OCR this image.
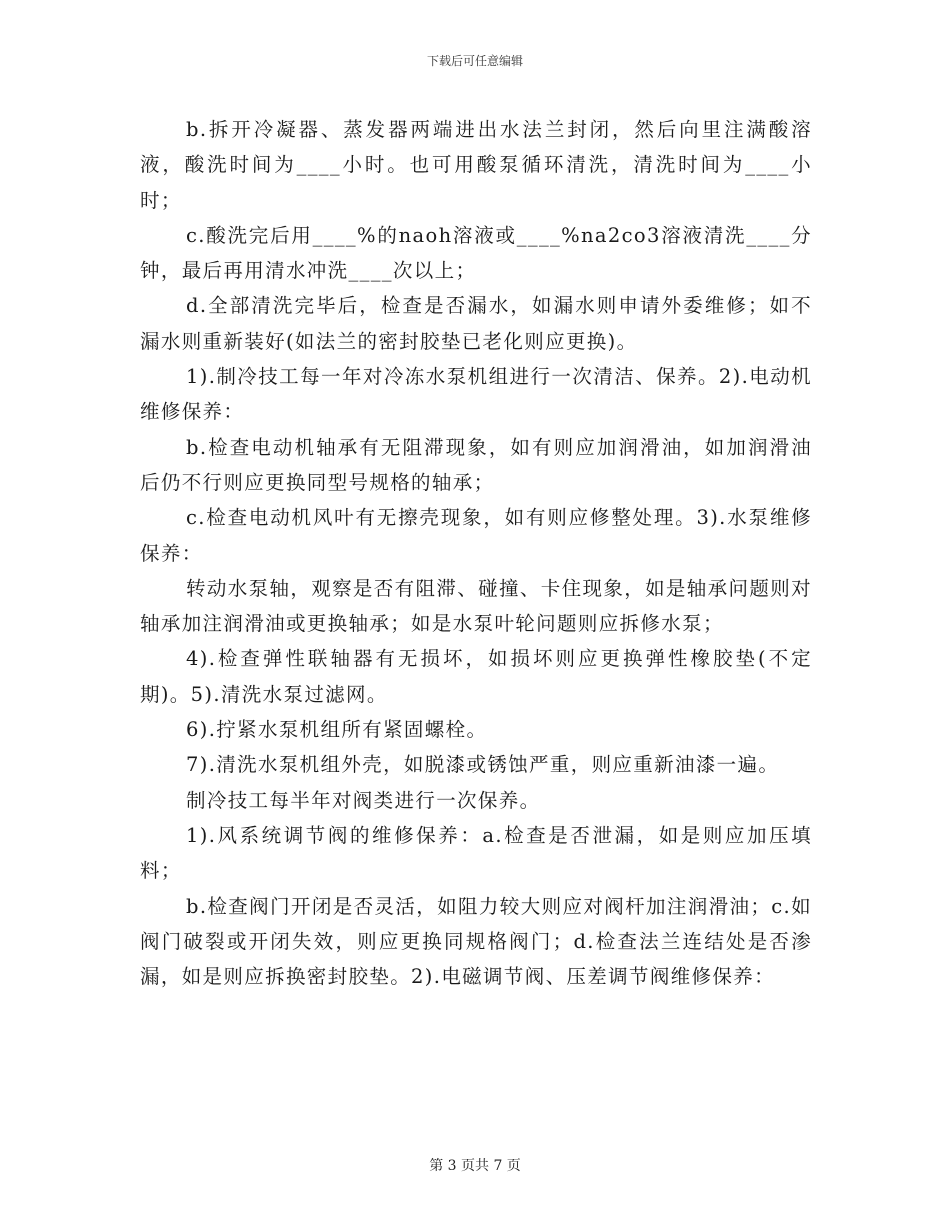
下载后可任意编辑

b.拆开冷凝器、蒸发器两端进出水法兰封闭，然后向里注满酸溶液，酸洗时间为____小时。也可用酸泵循环清洗，清洗时间为____小时；

c.酸洗完后用____%的naoh溶液或____%na2co3溶液清洗____分钟，最后再用清水冲洗____次以上；

d.全部清洗完毕后，检查是否漏水，如漏水则申请外委维修；如不漏水则重新装好(如法兰的密封胶垫已老化则应更换)。

1).制冷技工每一年对冷冻水泵机组进行一次清洁、保养。2).电动机维修保养：

b.检查电动机轴承有无阻滞现象，如有则应加润滑油，如加润滑油后仍不行则应更换同型号规格的轴承；

c.检查电动机风叶有无擦壳现象，如有则应修整处理。3).水泵维修保养：

转动水泵轴，观察是否有阻滞、碰撞、卡住现象，如是轴承问题则对轴承加注润滑油或更换轴承；如是水泵叶轮问题则应拆修水泵；

4).检查弹性联轴器有无损坏，如损坏则应更换弹性橡胶垫(不定期)。5).清洗水泵过滤网。

6).拧紧水泵机组所有紧固螺栓。

7).清洗水泵机组外壳，如脱漆或锈蚀严重，则应重新油漆一遍。

制冷技工每半年对阀类进行一次保养。

1).风系统调节阀的维修保养：a.检查是否泄漏，如是则应加压填料；

b.检查阀门开闭是否灵活，如阻力较大则应对阀杆加注润滑油；c.如阀门破裂或开闭失效，则应更换同规格阀门；d.检查法兰连结处是否渗漏，如是则应拆换密封胶垫。2).电磁调节阀、压差调节阀维修保养：

第 3 页共 7 页
